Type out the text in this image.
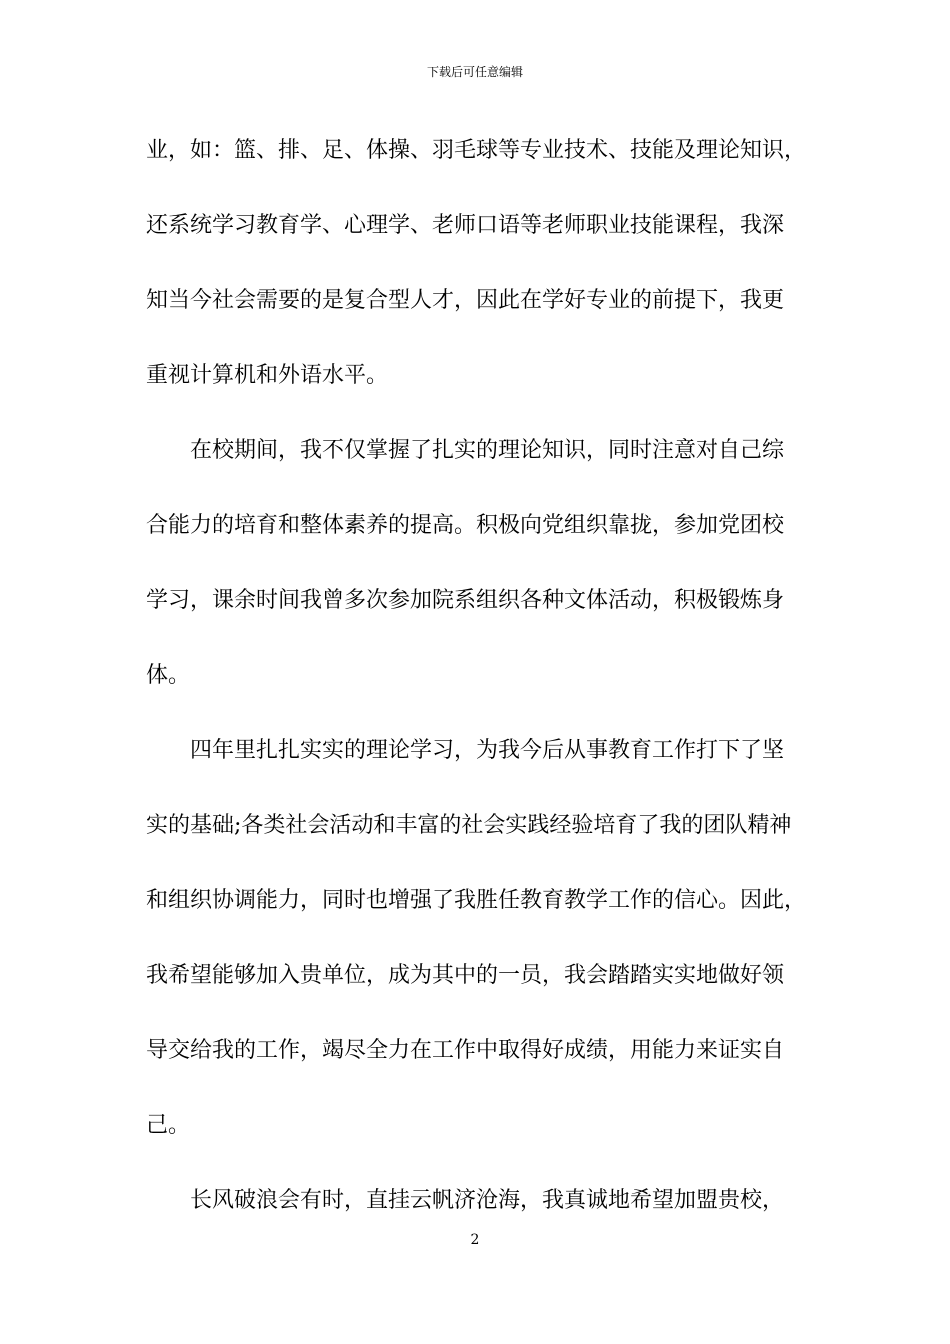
下载后可任意编辑
业，如：篮、排、足、体操、羽毛球等专业技术、技能及理论知识，
还系统学习教育学、心理学、老师口语等老师职业技能课程，我深
知当今社会需要的是复合型人才，因此在学好专业的前提下，我更
重视计算机和外语水平。
在校期间，我不仅掌握了扎实的理论知识，同时注意对自己综
合能力的培育和整体素养的提高。积极向党组织靠拢，参加党团校
学习，课余时间我曾多次参加院系组织各种文体活动，积极锻炼身
体。
四年里扎扎实实的理论学习，为我今后从事教育工作打下了坚
实的基础;各类社会活动和丰富的社会实践经验培育了我的团队精神
和组织协调能力，同时也增强了我胜任教育教学工作的信心。因此，
我希望能够加入贵单位，成为其中的一员，我会踏踏实实地做好领
导交给我的工作，竭尽全力在工作中取得好成绩，用能力来证实自
己。
长风破浪会有时，直挂云帆济沧海，我真诚地希望加盟贵校，
2
